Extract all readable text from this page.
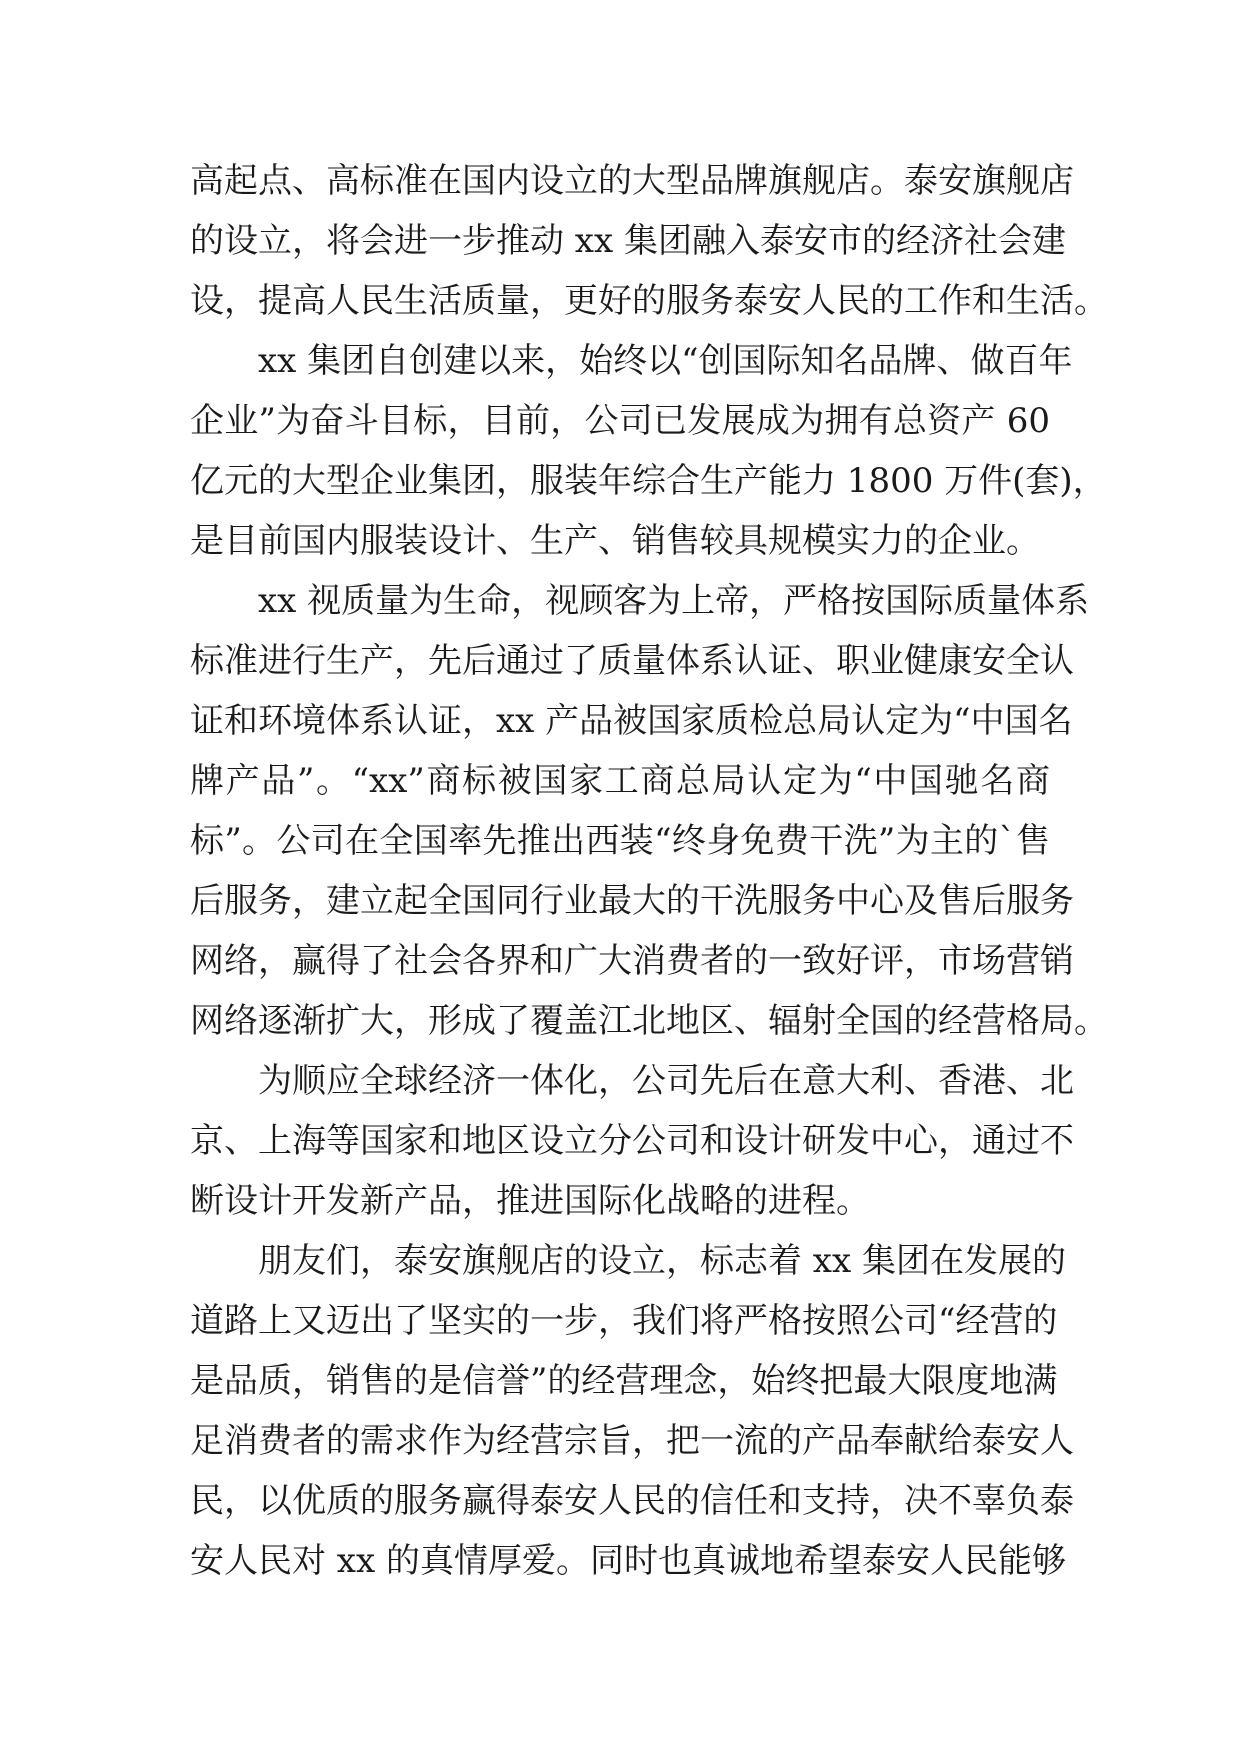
高起点、高标准在国内设立的大型品牌旗舰店。泰安旗舰店
的设立，将会进一步推动 xx 集团融入泰安市的经济社会建
设，提高人民生活质量，更好的服务泰安人民的工作和生活。
xx 集团自创建以来，始终以“创国际知名品牌、做百年
企业”为奋斗目标，目前，公司已发展成为拥有总资产 60
亿元的大型企业集团，服装年综合生产能力 1800 万件(套)，
是目前国内服装设计、生产、销售较具规模实力的企业。
xx 视质量为生命，视顾客为上帝，严格按国际质量体系
标准进行生产，先后通过了质量体系认证、职业健康安全认
证和环境体系认证，xx 产品被国家质检总局认定为“中国名
牌产品”。“xx”商标被国家工商总局认定为“中国驰名商
标”。公司在全国率先推出西装“终身免费干洗”为主的`售
后服务，建立起全国同行业最大的干洗服务中心及售后服务
网络，赢得了社会各界和广大消费者的一致好评，市场营销
网络逐渐扩大，形成了覆盖江北地区、辐射全国的经营格局。
为顺应全球经济一体化，公司先后在意大利、香港、北
京、上海等国家和地区设立分公司和设计研发中心，通过不
断设计开发新产品，推进国际化战略的进程。
朋友们，泰安旗舰店的设立，标志着 xx 集团在发展的
道路上又迈出了坚实的一步，我们将严格按照公司“经营的
是品质，销售的是信誉”的经营理念，始终把最大限度地满
足消费者的需求作为经营宗旨，把一流的产品奉献给泰安人
民，以优质的服务赢得泰安人民的信任和支持，决不辜负泰
安人民对 xx 的真情厚爱。同时也真诚地希望泰安人民能够
